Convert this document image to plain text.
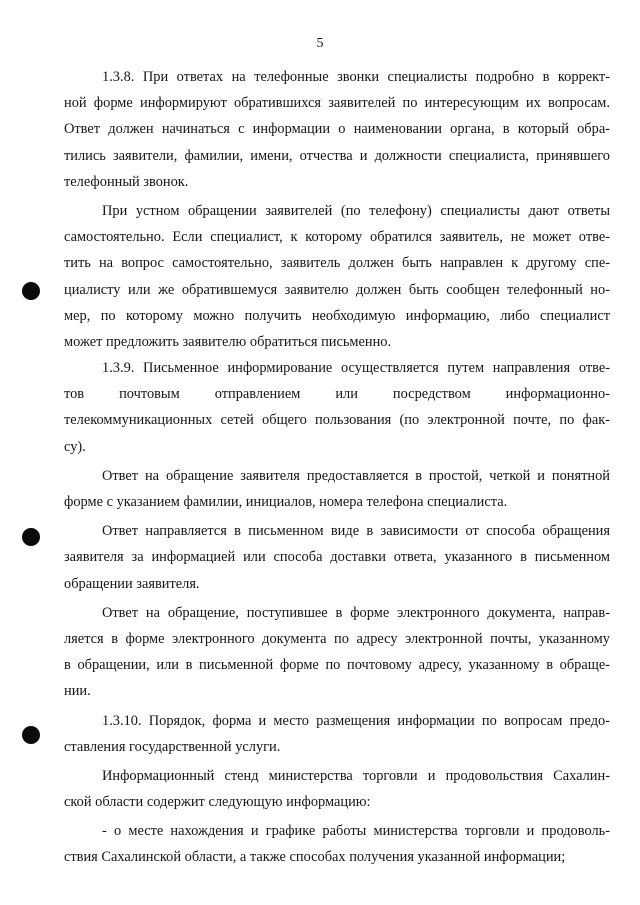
5
1.3.8. При ответах на телефонные звонки специалисты подробно в коррект-
ной форме информируют обратившихся заявителей по интересующим их вопросам.
Ответ должен начинаться с информации о наименовании органа, в который обра-
тились заявители, фамилии, имени, отчества и должности специалиста, принявшего
телефонный звонок.
При устном обращении заявителей (по телефону) специалисты дают ответы
самостоятельно. Если специалист, к которому обратился заявитель, не может отве-
тить на вопрос самостоятельно, заявитель должен быть направлен к другому спе-
циалисту или же обратившемуся заявителю должен быть сообщен телефонный но-
мер, по которому можно получить необходимую информацию, либо специалист
может предложить заявителю обратиться письменно.
1.3.9. Письменное информирование осуществляется путем направления отве-
тов почтовым отправлением или посредством информационно-
телекоммуникационных сетей общего пользования (по электронной почте, по фак-
су).
Ответ на обращение заявителя предоставляется в простой, четкой и понятной
форме с указанием фамилии, инициалов, номера телефона специалиста.
Ответ направляется в письменном виде в зависимости от способа обращения
заявителя за информацией или способа доставки ответа, указанного в письменном
обращении заявителя.
Ответ на обращение, поступившее в форме электронного документа, направ-
ляется в форме электронного документа по адресу электронной почты, указанному
в обращении, или в письменной форме по почтовому адресу, указанному в обраще-
нии.
1.3.10. Порядок, форма и место размещения информации по вопросам предо-
ставления государственной услуги.
Информационный стенд министерства торговли и продовольствия Сахалин-
ской области содержит следующую информацию:
- о месте нахождения и графике работы министерства торговли и продоволь-
ствия Сахалинской области, а также способах получения указанной информации;
